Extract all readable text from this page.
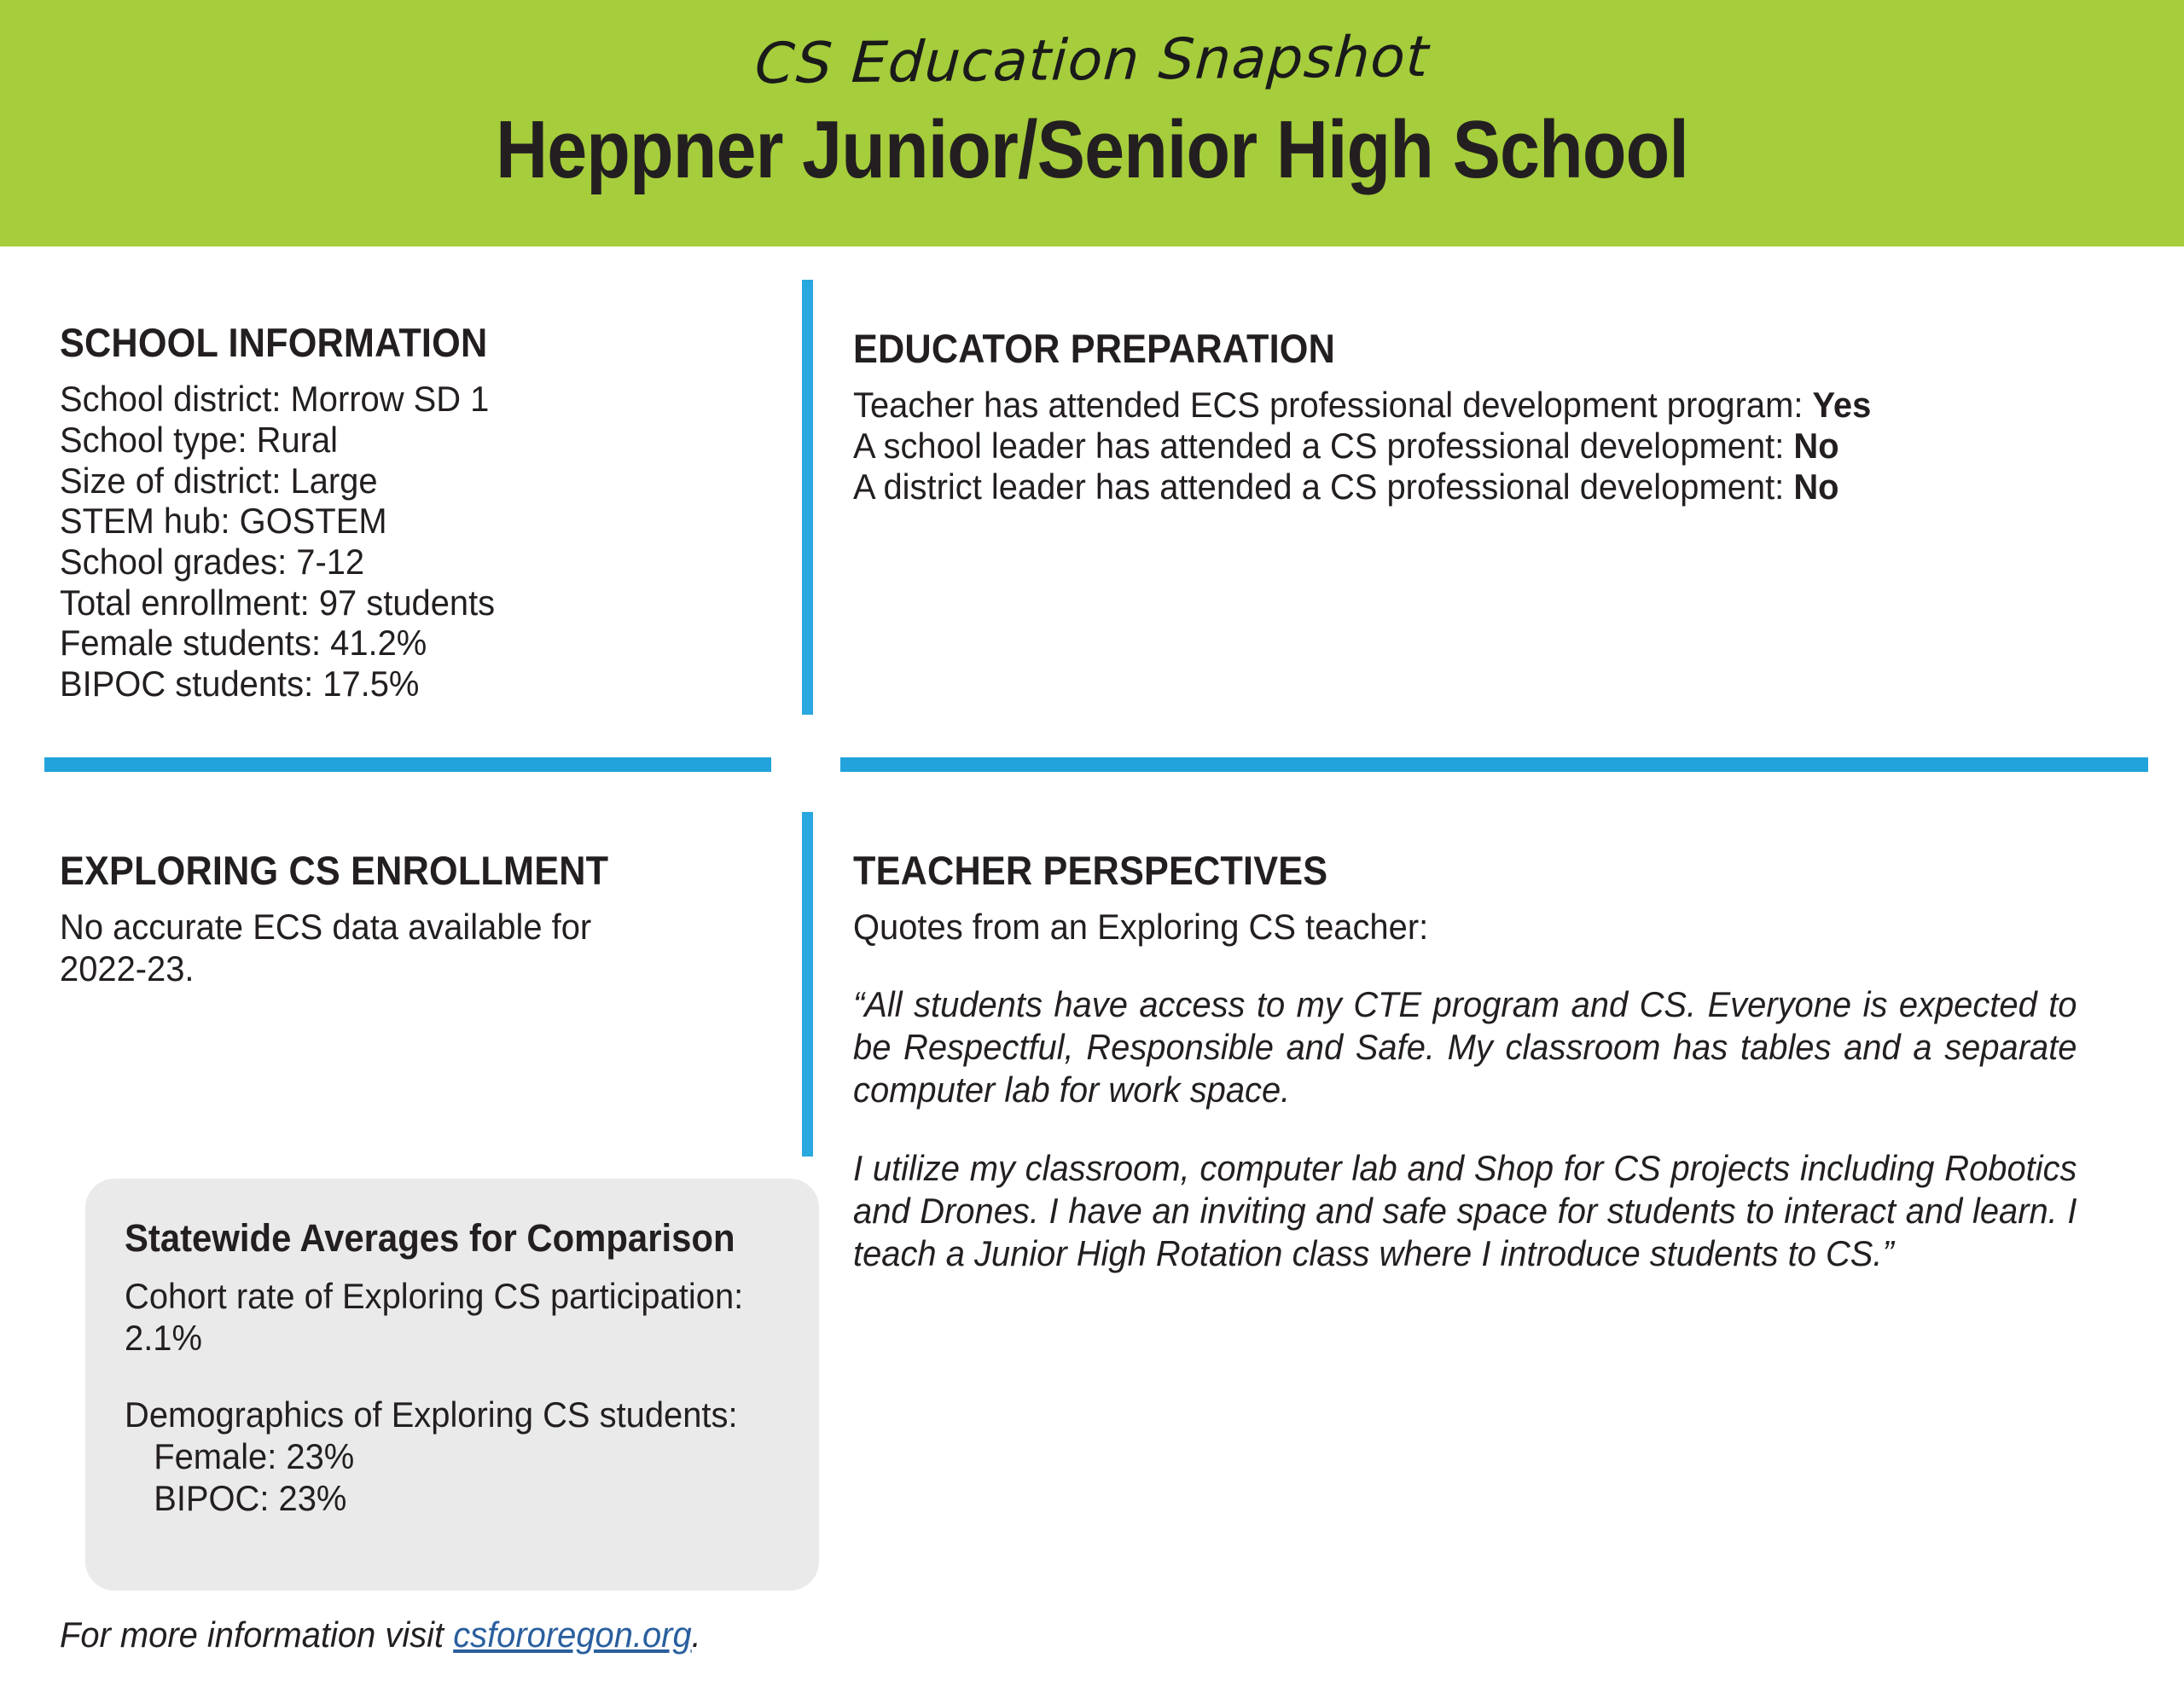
CS Education Snapshot
Heppner Junior/Senior High School
SCHOOL INFORMATION
School district: Morrow SD 1
School type: Rural
Size of district: Large
STEM hub: GOSTEM
School grades: 7-12
Total enrollment: 97 students
Female students: 41.2%
BIPOC students: 17.5%
EDUCATOR PREPARATION
Teacher has attended ECS professional development program: Yes
A school leader has attended a CS professional development: No
A district leader has attended a CS professional development: No
EXPLORING CS ENROLLMENT
No accurate ECS data available for 2022-23.
Statewide Averages for Comparison
Cohort rate of Exploring CS participation: 2.1%
Demographics of Exploring CS students:
Female: 23%
BIPOC: 23%
TEACHER PERSPECTIVES
Quotes from an Exploring CS teacher:

“All students have access to my CTE program and CS. Everyone is expected to be Respectful, Responsible and Safe. My classroom has tables and a separate computer lab for work space.

I utilize my classroom, computer lab and Shop for CS projects including Robotics and Drones. I have an inviting and safe space for students to interact and learn. I teach a Junior High Rotation class where I introduce students to CS.”

For more information visit csfororegon.org.
